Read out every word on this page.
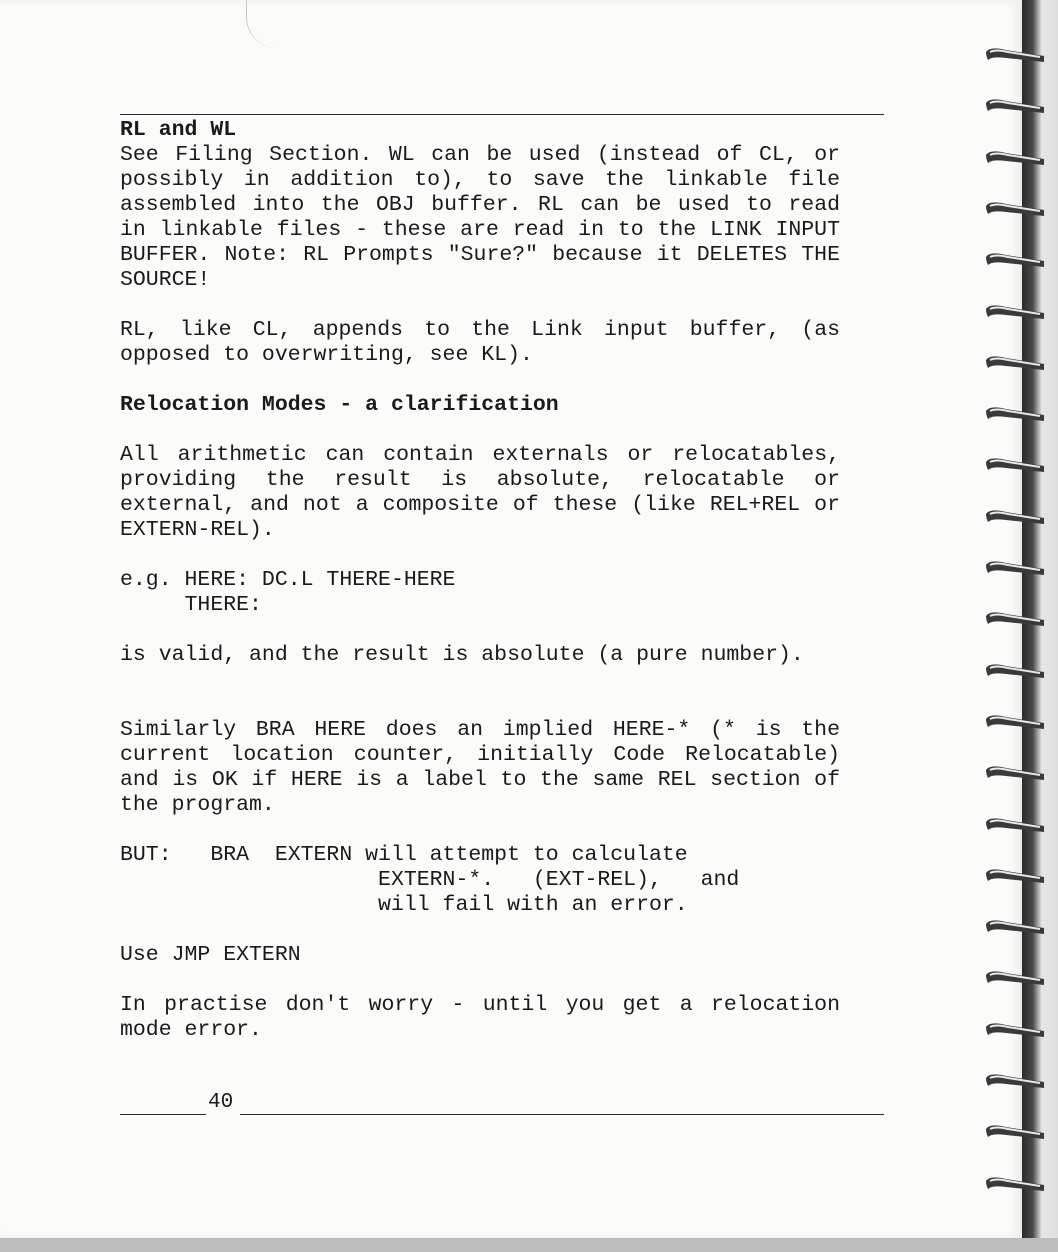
RL and WL

See Filing Section. WL can be used (instead of CL, or possibly in addition to), to save the linkable file assembled into the OBJ buffer. RL can be used to read in linkable files - these are read in to the LINK INPUT BUFFER. Note: RL Prompts "Sure?" because it DELETES THE SOURCE!

RL, like CL, appends to the Link input buffer, (as opposed to overwriting, see KL).

Relocation Modes - a clarification

All arithmetic can contain externals or relocatables, providing the result is absolute, relocatable or external, and not a composite of these (like REL+REL or EXTERN-REL).

e.g. HERE: DC.L THERE-HERE

THERE:

is valid, and the result is absolute (a pure number).

Similarly BRA HERE does an implied HERE-* (* is the current location counter, initially Code Relocatable) and is OK if HERE is a label to the same REL section of the program.

BUT:   BRA  EXTERN will attempt to calculate

EXTERN-*.   (EXT-REL),   and

will fail with an error.

Use JMP EXTERN

In practise don't worry - until you get a relocation mode error.

40
